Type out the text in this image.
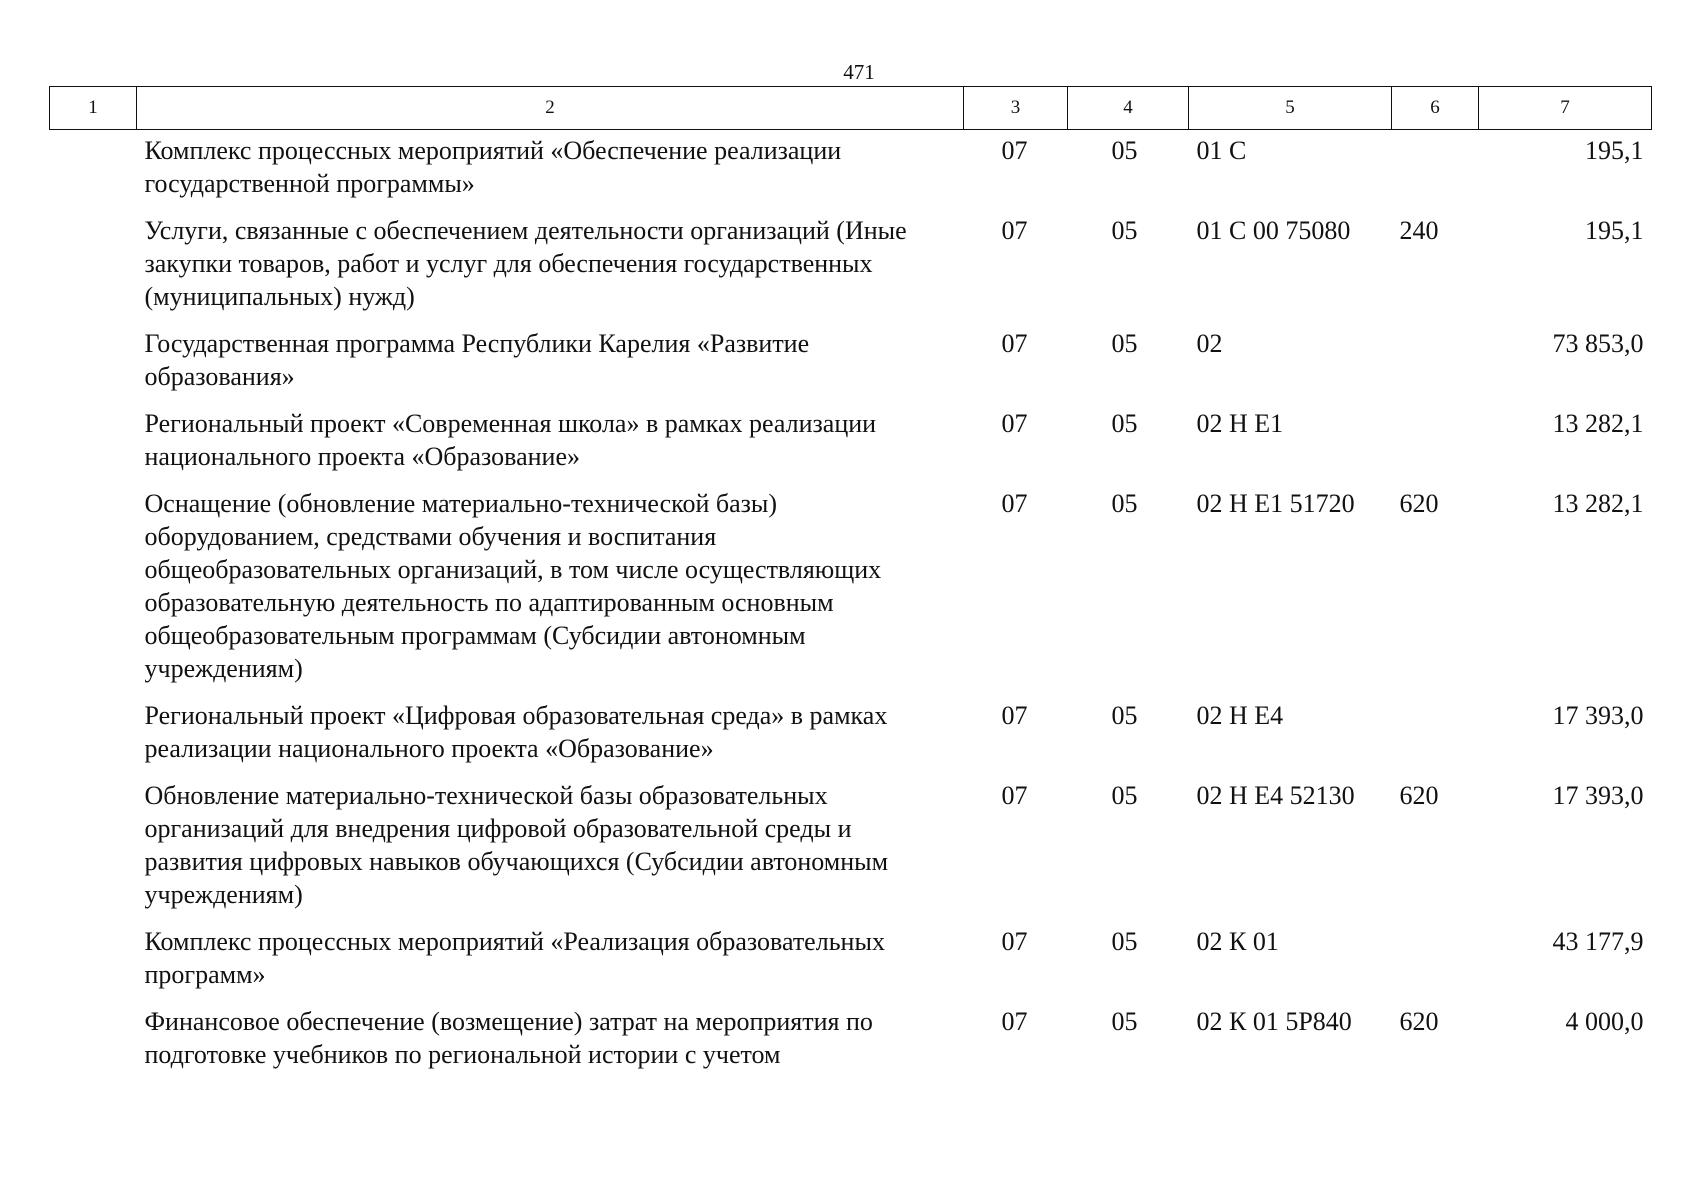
471
1	2	3	4	5	6	7
	Комплекс процессных мероприятий «Обеспечение реализации государственной программы»	07	05	01 С		195,1
	Услуги, связанные с обеспечением деятельности организаций (Иные закупки товаров, работ и услуг для обеспечения государственных (муниципальных) нужд)	07	05	01 С 00 75080	240	195,1
	Государственная программа Республики Карелия «Развитие образования»	07	05	02		73 853,0
	Региональный проект «Современная школа» в рамках реализации национального проекта «Образование»	07	05	02 Н Е1		13 282,1
	Оснащение (обновление материально-технической базы) оборудованием, средствами обучения и воспитания общеобразовательных организаций, в том числе осуществляющих образовательную деятельность по адаптированным основным общеобразовательным программам (Субсидии автономным учреждениям)	07	05	02 Н Е1 51720	620	13 282,1
	Региональный проект «Цифровая образовательная среда» в рамках реализации национального проекта «Образование»	07	05	02 Н Е4		17 393,0
	Обновление материально-технической базы образовательных организаций для внедрения цифровой образовательной среды и развития цифровых навыков обучающихся (Субсидии автономным учреждениям)	07	05	02 Н Е4 52130	620	17 393,0
	Комплекс процессных мероприятий «Реализация образовательных программ»	07	05	02 К 01		43 177,9
	Финансовое обеспечение (возмещение) затрат на мероприятия по подготовке учебников по региональной истории с учетом	07	05	02 К 01 5Р840	620	4 000,0
